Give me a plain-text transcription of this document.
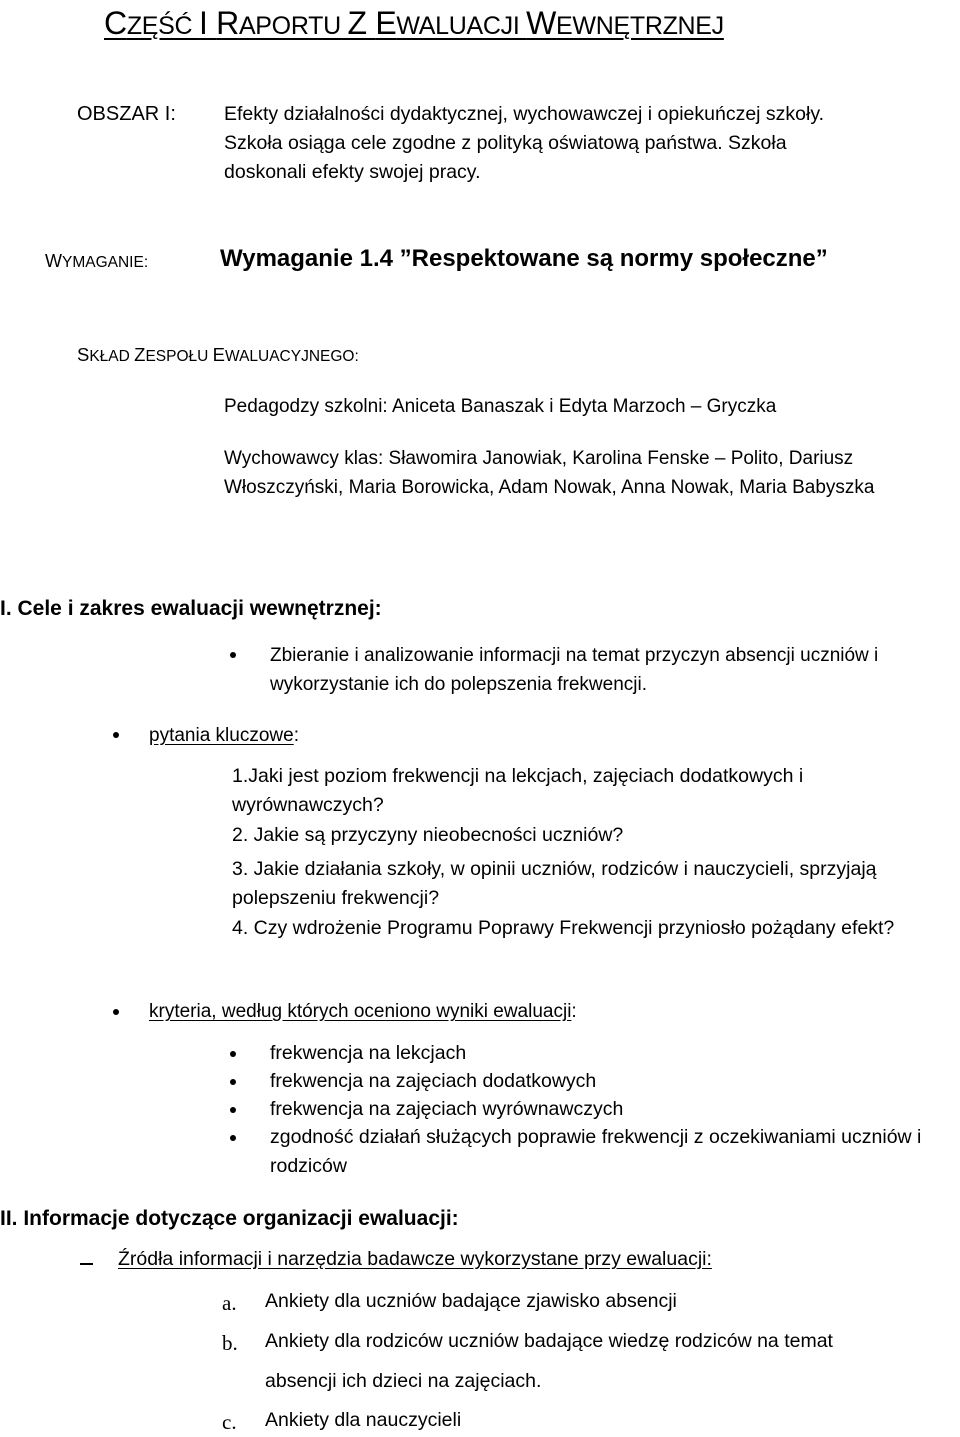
CZĘŚĆ I RAPORTU Z EWALUACJI WEWNĘTRZNEJ
OBSZAR I: Efekty działalności dydaktycznej, wychowawczej i opiekuńczej szkoły.
Szkoła osiąga cele zgodne z polityką oświatową państwa. Szkoła
doskonali efekty swojej pracy.
WYMAGANIE:	Wymaganie 1.4 ”Respektowane są normy społeczne”
SKŁAD ZESPOŁU EWALUACYJNEGO:
Pedagodzy szkolni: Aniceta Banaszak i Edyta Marzoch – Gryczka
Wychowawcy klas: Sławomira Janowiak, Karolina Fenske – Polito, Dariusz Włoszczyński, Maria Borowicka, Adam Nowak, Anna Nowak, Maria Babyszka
I. Cele i zakres ewaluacji wewnętrznej:
Zbieranie i analizowanie informacji na temat przyczyn absencji uczniów i wykorzystanie ich do polepszenia frekwencji.
pytania kluczowe:
1.Jaki jest poziom frekwencji na lekcjach, zajęciach dodatkowych i wyrównawczych?
2. Jakie są przyczyny nieobecności uczniów?
3. Jakie działania szkoły, w opinii uczniów, rodziców i nauczycieli, sprzyjają polepszeniu frekwencji?
4. Czy wdrożenie Programu Poprawy Frekwencji przyniosło pożądany efekt?
kryteria, według których oceniono wyniki ewaluacji:
frekwencja na lekcjach
frekwencja na zajęciach dodatkowych
frekwencja na zajęciach wyrównawczych
zgodność działań służących poprawie frekwencji z oczekiwaniami uczniów i rodziców
II. Informacje dotyczące organizacji ewaluacji:
Źródła informacji i narzędzia badawcze wykorzystane przy ewaluacji:
a. Ankiety dla uczniów badające zjawisko absencji
b. Ankiety dla rodziców uczniów badające wiedzę rodziców na temat
absencji ich dzieci na zajęciach.
c. Ankiety dla nauczycieli
